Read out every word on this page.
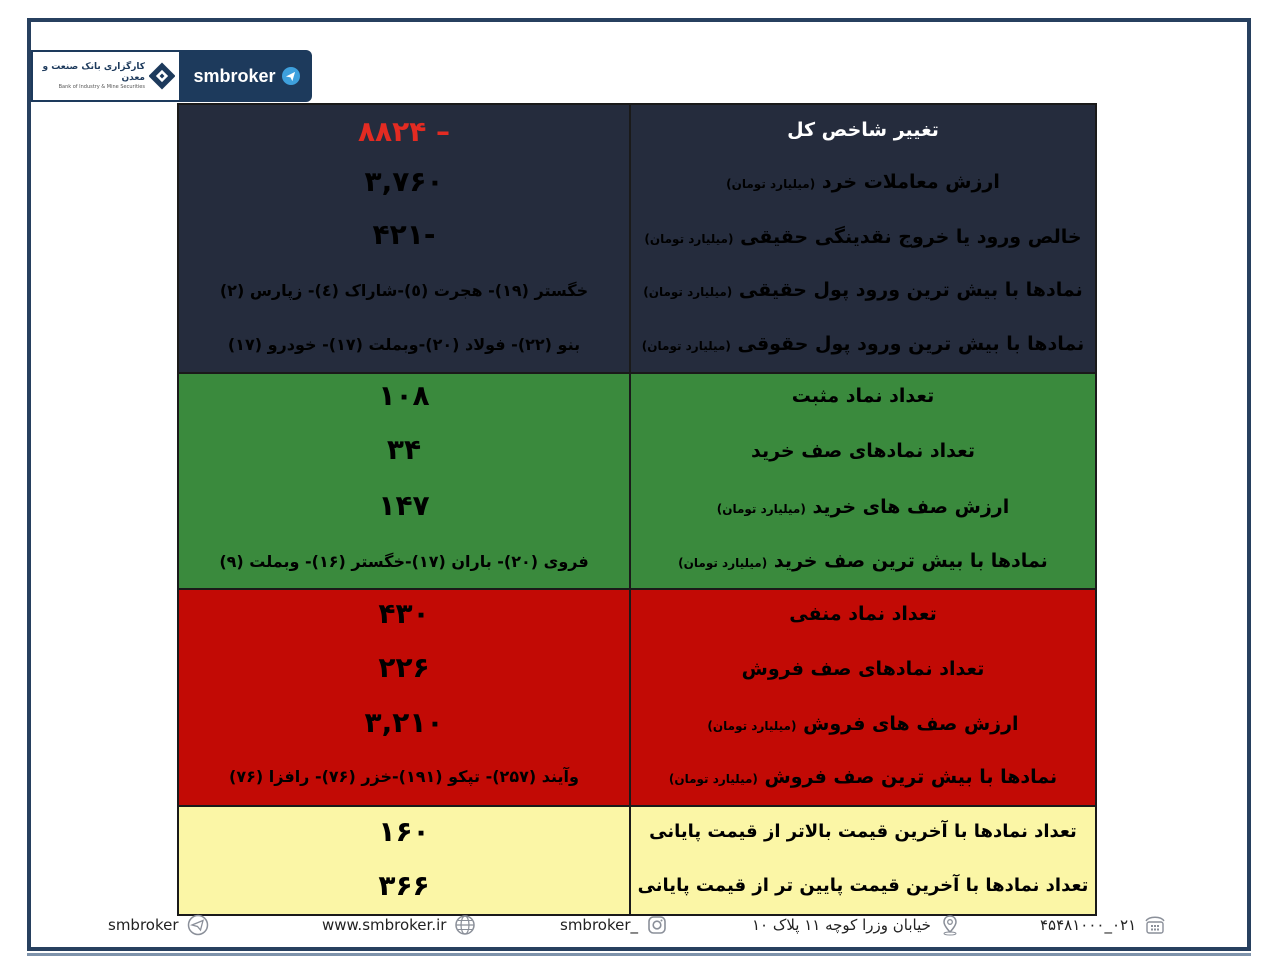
کارگزاری بانک صنعت و معدن
Bank of Industry & Mine Securities
smbroker
تغییر شاخص کل
– ۸۸۲۴
ارزش معاملات خرد (میلیارد تومان)
۳,۷۶۰
خالص ورود یا خروج نقدینگی حقیقی (میلیارد تومان)
-۴۲۱
نمادها با بیش ترین ورود پول حقیقی (میلیارد تومان)
خگستر (۱۹)- هجرت (٥)-شاراک (٤)- زپارس (۲)
نمادها با بیش ترین ورود پول حقوقی (میلیارد تومان)
بنو (۲۲)- فولاد (۲۰)-وبملت (۱۷)- خودرو (۱۷)
تعداد نماد مثبت
۱۰۸
تعداد نمادهای صف خرید
۳۴
ارزش صف های خرید (میلیارد تومان)
۱۴۷
نمادها با بیش ترین صف خرید (میلیارد تومان)
فروی (۲۰)- باران (۱۷)-خگستر (۱۶)- وبملت (۹)
تعداد نماد منفی
۴۳۰
تعداد نمادهای صف فروش
۲۲۶
ارزش صف های فروش (میلیارد تومان)
۳,۲۱۰
نمادها با بیش ترین صف فروش (میلیارد تومان)
وآیند (۲۵۷)- تپکو (۱۹۱)-خزر (۷۶)- رافزا (۷۶)
تعداد نمادها با آخرین قیمت بالاتر از قیمت پایانی
۱۶۰
تعداد نمادها با آخرین قیمت پایین تر از قیمت پایانی
۳۶۶
smbroker	www.smbroker.ir	smbroker_	خیابان وزرا کوچه ۱۱ پلاک ۱۰	۰۲۱_۴۵۴۸۱۰۰۰
